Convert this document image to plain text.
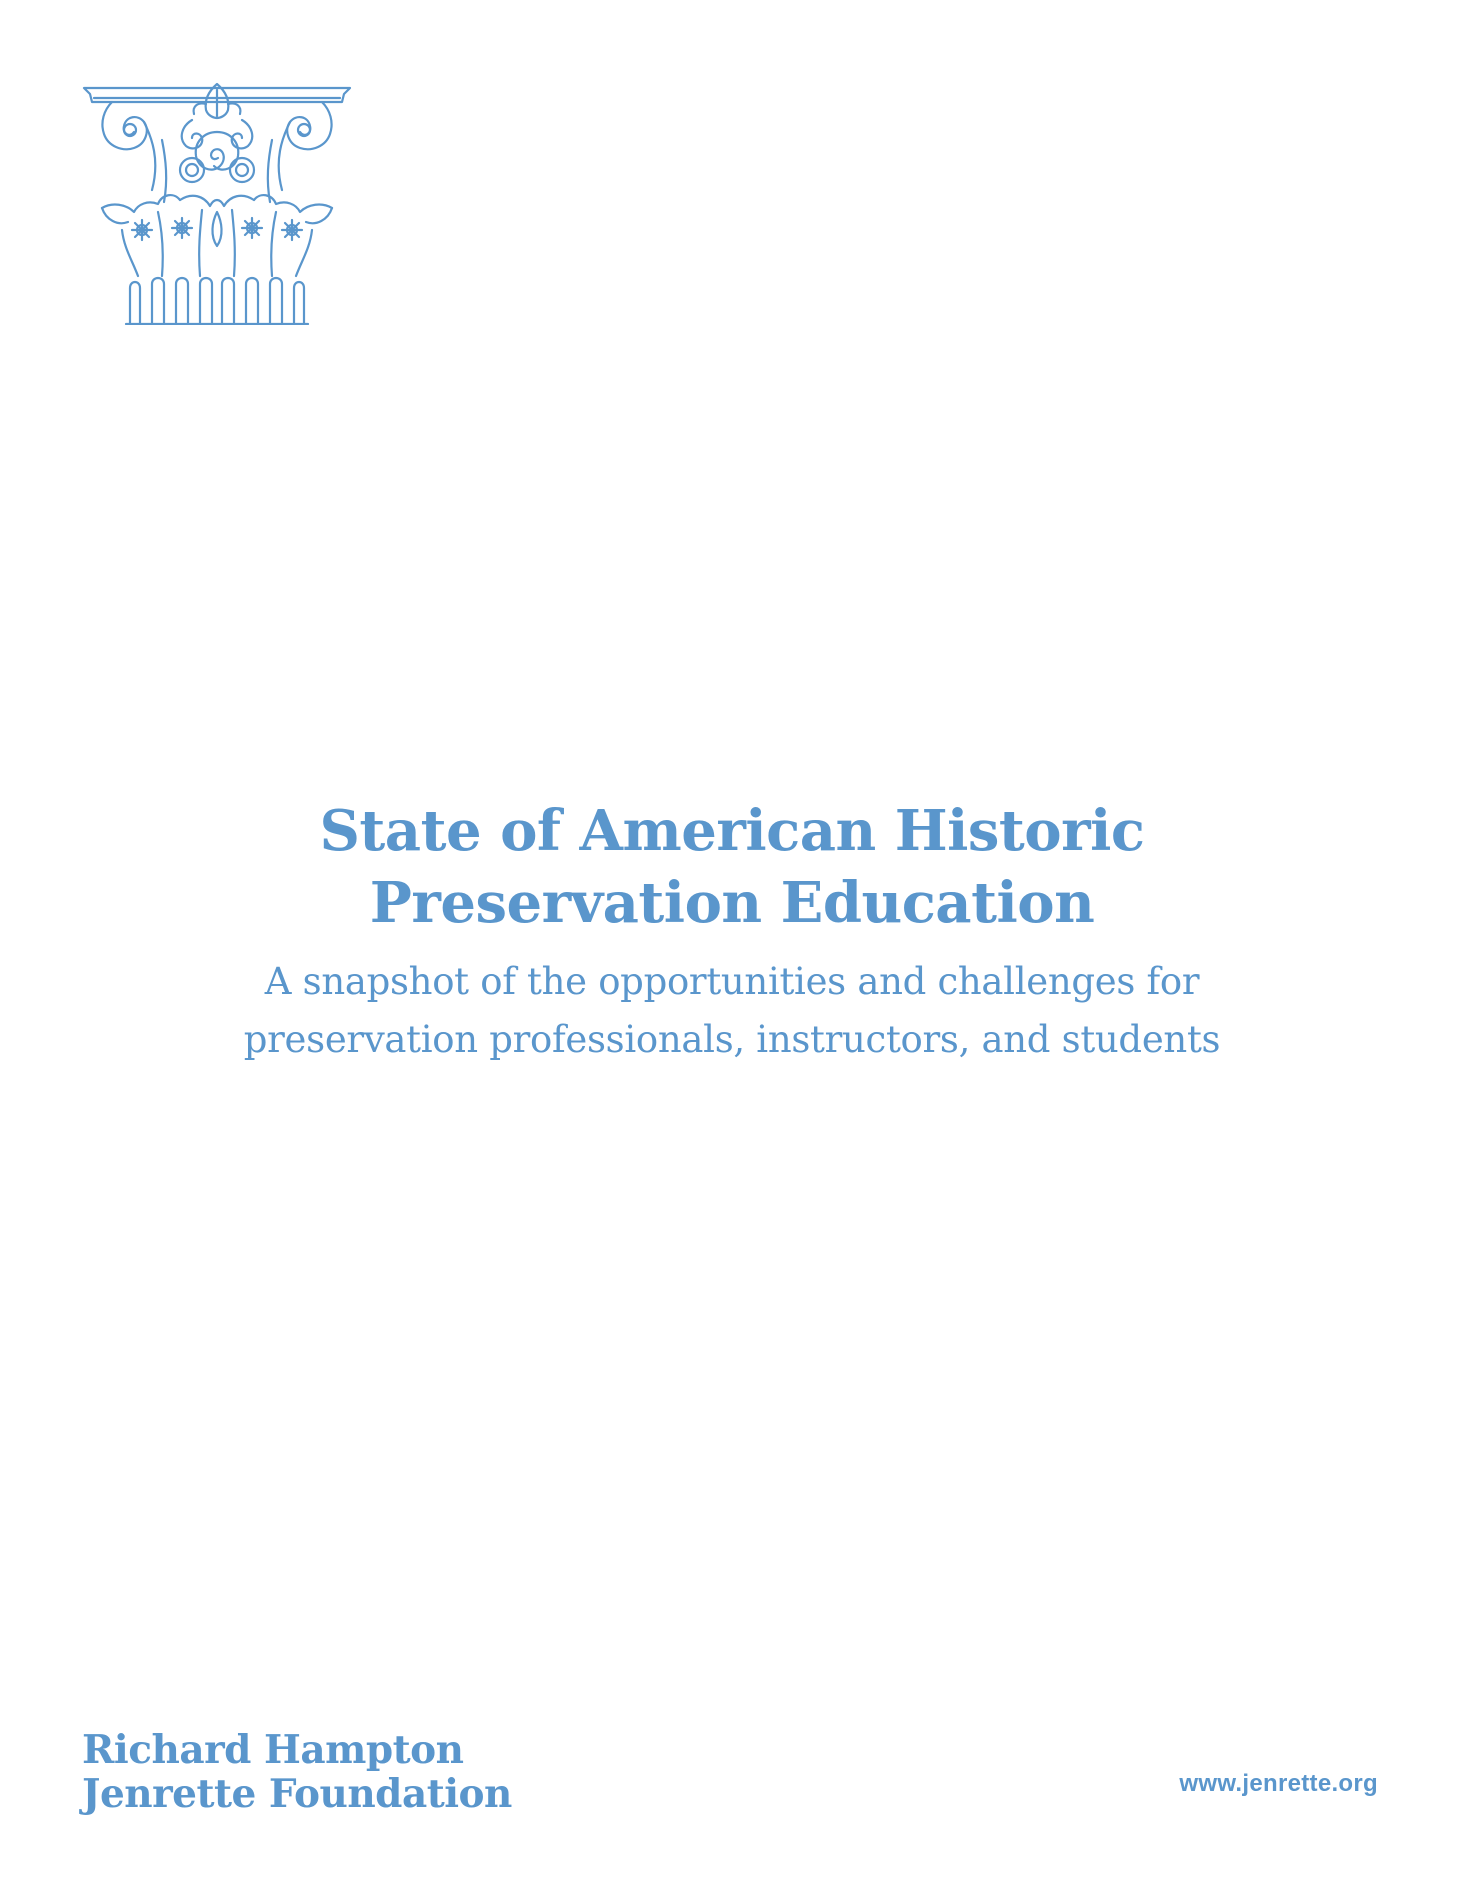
State of American Historic
Preservation Education

A snapshot of the opportunities and challenges for
preservation professionals, instructors, and students

Richard Hampton
Jenrette Foundation	www.jenrette.org
